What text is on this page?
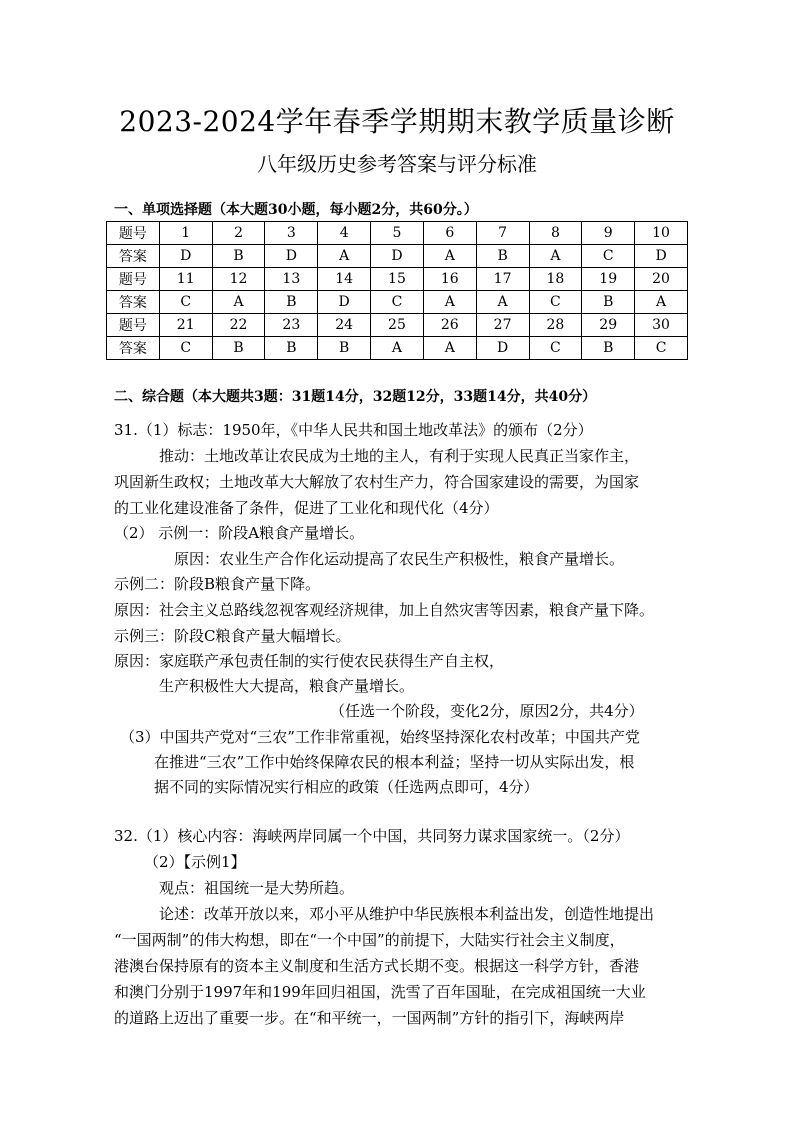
2023-2024学年春季学期期末教学质量诊断
八年级历史参考答案与评分标准
一、单项选择题（本大题30小题，每小题2分，共60分。）
题号	1	2	3	4	5	6	7	8	9	10
答案	D	B	D	A	D	A	B	A	C	D
题号	11	12	13	14	15	16	17	18	19	20
答案	C	A	B	D	C	A	A	C	B	A
题号	21	22	23	24	25	26	27	28	29	30
答案	C	B	B	B	A	A	D	C	B	C
二、综合题（本大题共3题：31题14分，32题12分，33题14分，共40分）
31.（1）标志：1950年，《中华人民共和国土地改革法》的颁布（2分）
推动：土地改革让农民成为土地的主人，有利于实现人民真正当家作主，
巩固新生政权；土地改革大大解放了农村生产力，符合国家建设的需要，为国家
的工业化建设准备了条件，促进了工业化和现代化（4分）
（2） 示例一：阶段A粮食产量增长。
原因：农业生产合作化运动提高了农民生产积极性，粮食产量增长。
示例二：阶段B粮食产量下降。
原因：社会主义总路线忽视客观经济规律，加上自然灾害等因素，粮食产量下降。
示例三：阶段C粮食产量大幅增长。
原因：家庭联产承包责任制的实行使农民获得生产自主权，
生产积极性大大提高，粮食产量增长。
（任选一个阶段，变化2分，原因2分，共4分）
（3）中国共产党对“三农”工作非常重视，始终坚持深化农村改革；中国共产党
在推进“三农”工作中始终保障农民的根本利益；坚持一切从实际出发，根
据不同的实际情况实行相应的政策（任选两点即可，4分）
32.（1）核心内容：海峡两岸同属一个中国，共同努力谋求国家统一。（2分）
（2）【示例1】
观点：祖国统一是大势所趋。
论述：改革开放以来，邓小平从维护中华民族根本利益出发，创造性地提出
“一国两制”的伟大构想，即在“一个中国”的前提下，大陆实行社会主义制度，
港澳台保持原有的资本主义制度和生活方式长期不变。根据这一科学方针，香港
和澳门分别于1997年和199年回归祖国，洗雪了百年国耻，在完成祖国统一大业
的道路上迈出了重要一步。在“和平统一，一国两制”方针的指引下，海峡两岸
